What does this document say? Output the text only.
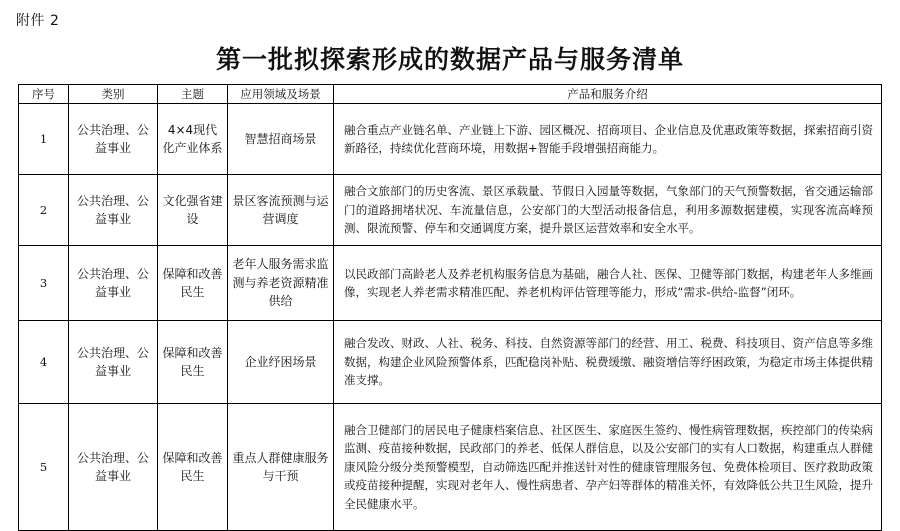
附件 2
第一批拟探索形成的数据产品与服务清单
序号	类别	主题	应用领域及场景	产品和服务介绍
1	公共治理、公益事业	4×4现代化产业体系	智慧招商场景	融合重点产业链名单、产业链上下游、园区概况、招商项目、企业信息及优惠政策等数据，探索招商引资新路径，持续优化营商环境，用数据+智能手段增强招商能力。
2	公共治理、公益事业	文化强省建设	景区客流预测与运营调度	融合文旅部门的历史客流、景区承载量、节假日入园量等数据，气象部门的天气预警数据，省交通运输部门的道路拥堵状况、车流量信息，公安部门的大型活动报备信息，利用多源数据建模，实现客流高峰预测、限流预警、停车和交通调度方案，提升景区运营效率和安全水平。
3	公共治理、公益事业	保障和改善民生	老年人服务需求监测与养老资源精准供给	以民政部门高龄老人及养老机构服务信息为基础，融合人社、医保、卫健等部门数据，构建老年人多维画像，实现老人养老需求精准匹配、养老机构评估管理等能力，形成“需求-供给-监督”闭环。
4	公共治理、公益事业	保障和改善民生	企业纾困场景	融合发改、财政、人社、税务、科技、自然资源等部门的经营、用工、税费、科技项目、资产信息等多维数据，构建企业风险预警体系，匹配稳岗补贴、税费缓缴、融资增信等纾困政策，为稳定市场主体提供精准支撑。
5	公共治理、公益事业	保障和改善民生	重点人群健康服务与干预	融合卫健部门的居民电子健康档案信息、社区医生、家庭医生签约、慢性病管理数据，疾控部门的传染病监测、疫苗接种数据，民政部门的养老、低保人群信息，以及公安部门的实有人口数据，构建重点人群健康风险分级分类预警模型，自动筛选匹配并推送针对性的健康管理服务包、免费体检项目、医疗救助政策或疫苗接种提醒，实现对老年人、慢性病患者、孕产妇等群体的精准关怀，有效降低公共卫生风险，提升全民健康水平。
